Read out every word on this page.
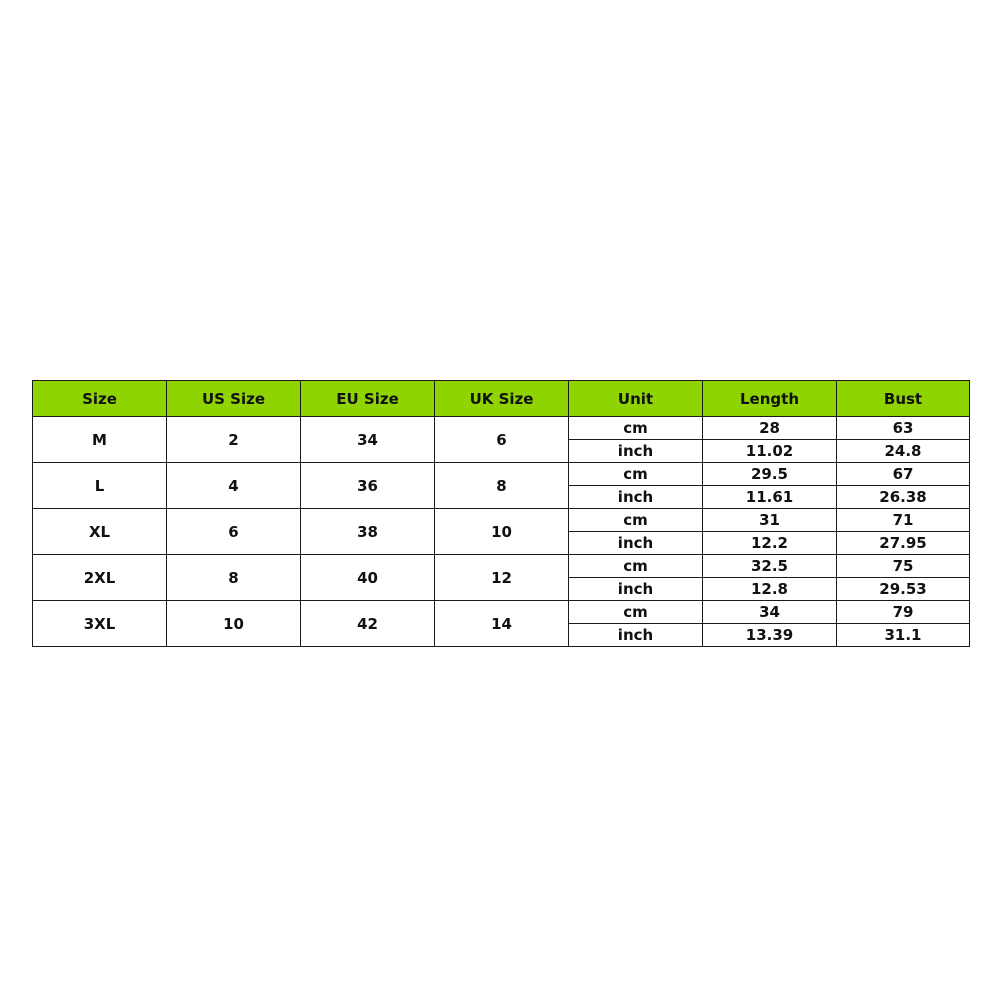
Size	US Size	EU Size	UK Size	Unit	Length	Bust
M	2	34	6	cm	28	63
				inch	11.02	24.8
L	4	36	8	cm	29.5	67
				inch	11.61	26.38
XL	6	38	10	cm	31	71
				inch	12.2	27.95
2XL	8	40	12	cm	32.5	75
				inch	12.8	29.53
3XL	10	42	14	cm	34	79
				inch	13.39	31.1
